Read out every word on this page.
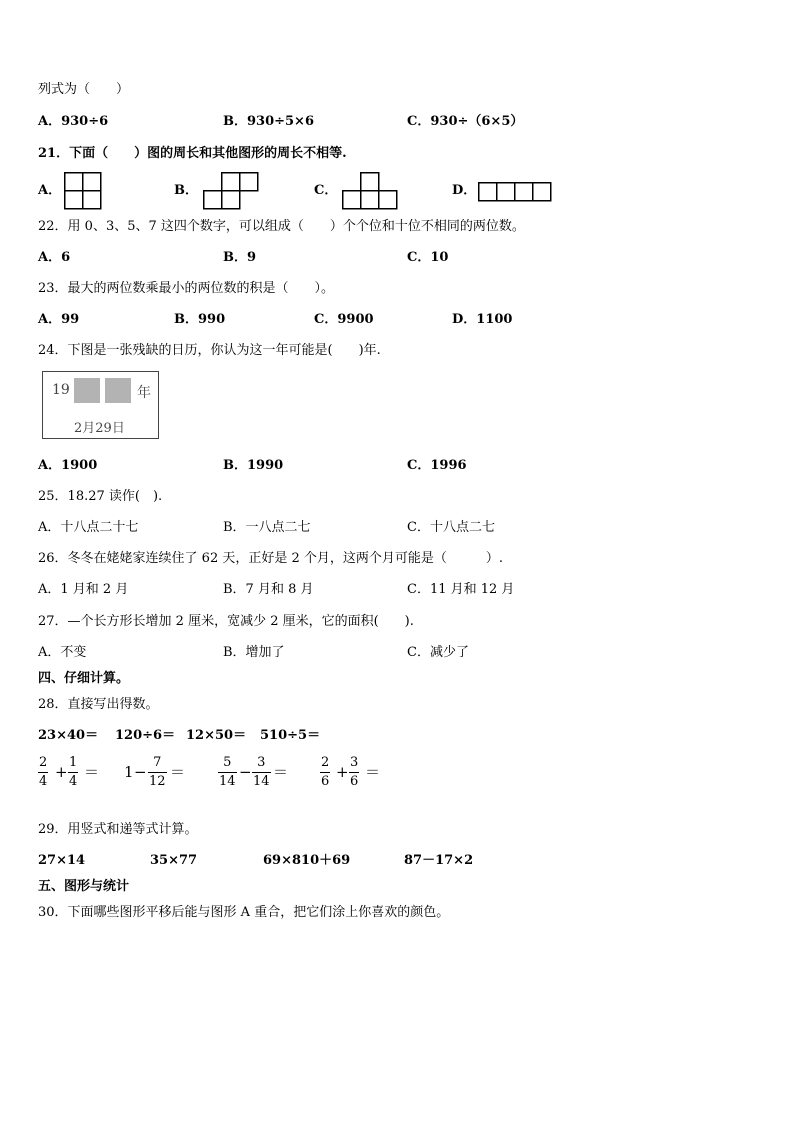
列式为（　　）
A．930÷6	B．930÷5×6	C．930÷（6×5）
21．下面（　　）图的周长和其他图形的周长不相等.
A．	B．	C．	D．
22．用 0、3、5、7 这四个数字，可以组成（　　）个个位和十位不相同的两位数。
A．6	B．9	C．10
23．最大的两位数乘最小的两位数的积是（　　）。
A．99	B．990	C．9900	D．1100
24．下图是一张残缺的日历，你认为这一年可能是(　　)年.
19	年
2月29日
A．1900	B．1990	C．1996
25．18.27 读作(　).
A．十八点二十七	B．一八点二七	C．十八点二七
26．冬冬在姥姥家连续住了 62 天，正好是 2 个月，这两个月可能是（　　　）.
A．1 月和 2 月	B．7 月和 8 月	C．11 月和 12 月
27．—个长方形长增加 2 厘米，宽减少 2 厘米，它的面积(　　).
A．不变	B．增加了	C．减少了
四、仔细计算。
28．直接写出得数。
23×40＝ 120÷6＝ 12×50＝ 510÷5＝
2
4
+
1
4
＝ 1 −
7
12
＝
5
14
−
3
14
＝
2
6
+
3
6
＝
29．用竖式和递等式计算。
27×14	35×77	69×810＋69	87－17×2
五、图形与统计
30．下面哪些图形平移后能与图形 A 重合，把它们涂上你喜欢的颜色。
